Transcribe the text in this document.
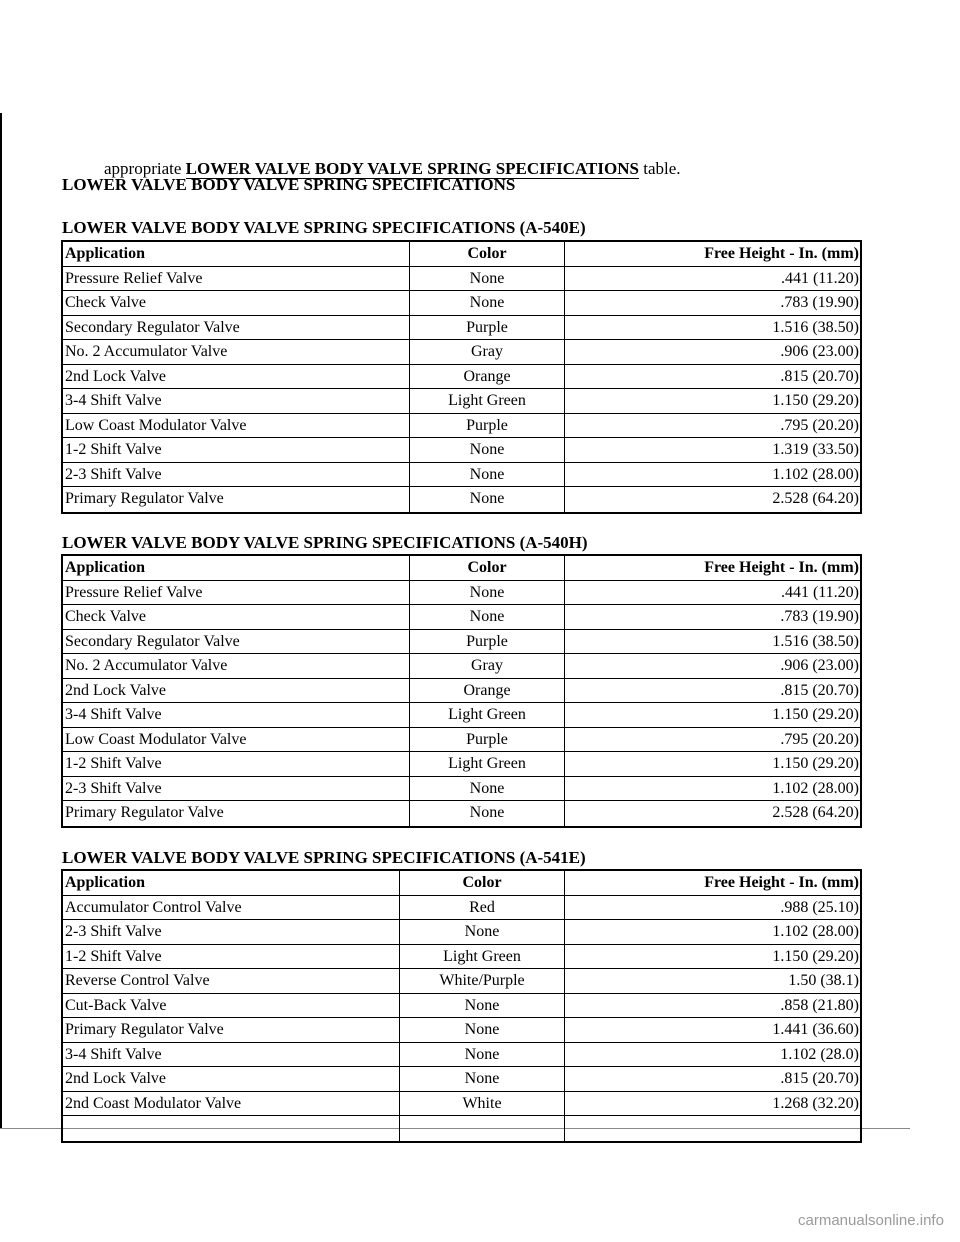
appropriate LOWER VALVE BODY VALVE SPRING SPECIFICATIONS table.
LOWER VALVE BODY VALVE SPRING SPECIFICATIONS
LOWER VALVE BODY VALVE SPRING SPECIFICATIONS (A-540E)
Application	Color	Free Height - In. (mm)
Pressure Relief Valve	None	.441 (11.20)
Check Valve	None	.783 (19.90)
Secondary Regulator Valve	Purple	1.516 (38.50)
No. 2 Accumulator Valve	Gray	.906 (23.00)
2nd Lock Valve	Orange	.815 (20.70)
3-4 Shift Valve	Light Green	1.150 (29.20)
Low Coast Modulator Valve	Purple	.795 (20.20)
1-2 Shift Valve	None	1.319 (33.50)
2-3 Shift Valve	None	1.102 (28.00)
Primary Regulator Valve	None	2.528 (64.20)
LOWER VALVE BODY VALVE SPRING SPECIFICATIONS (A-540H)
Application	Color	Free Height - In. (mm)
Pressure Relief Valve	None	.441 (11.20)
Check Valve	None	.783 (19.90)
Secondary Regulator Valve	Purple	1.516 (38.50)
No. 2 Accumulator Valve	Gray	.906 (23.00)
2nd Lock Valve	Orange	.815 (20.70)
3-4 Shift Valve	Light Green	1.150 (29.20)
Low Coast Modulator Valve	Purple	.795 (20.20)
1-2 Shift Valve	Light Green	1.150 (29.20)
2-3 Shift Valve	None	1.102 (28.00)
Primary Regulator Valve	None	2.528 (64.20)
LOWER VALVE BODY VALVE SPRING SPECIFICATIONS (A-541E)
Application	Color	Free Height - In. (mm)
Accumulator Control Valve	Red	.988 (25.10)
2-3 Shift Valve	None	1.102 (28.00)
1-2 Shift Valve	Light Green	1.150 (29.20)
Reverse Control Valve	White/Purple	1.50 (38.1)
Cut-Back Valve	None	.858 (21.80)
Primary Regulator Valve	None	1.441 (36.60)
3-4 Shift Valve	None	1.102 (28.0)
2nd Lock Valve	None	.815 (20.70)
2nd Coast Modulator Valve	White	1.268 (32.20)
carmanualsonline.info
